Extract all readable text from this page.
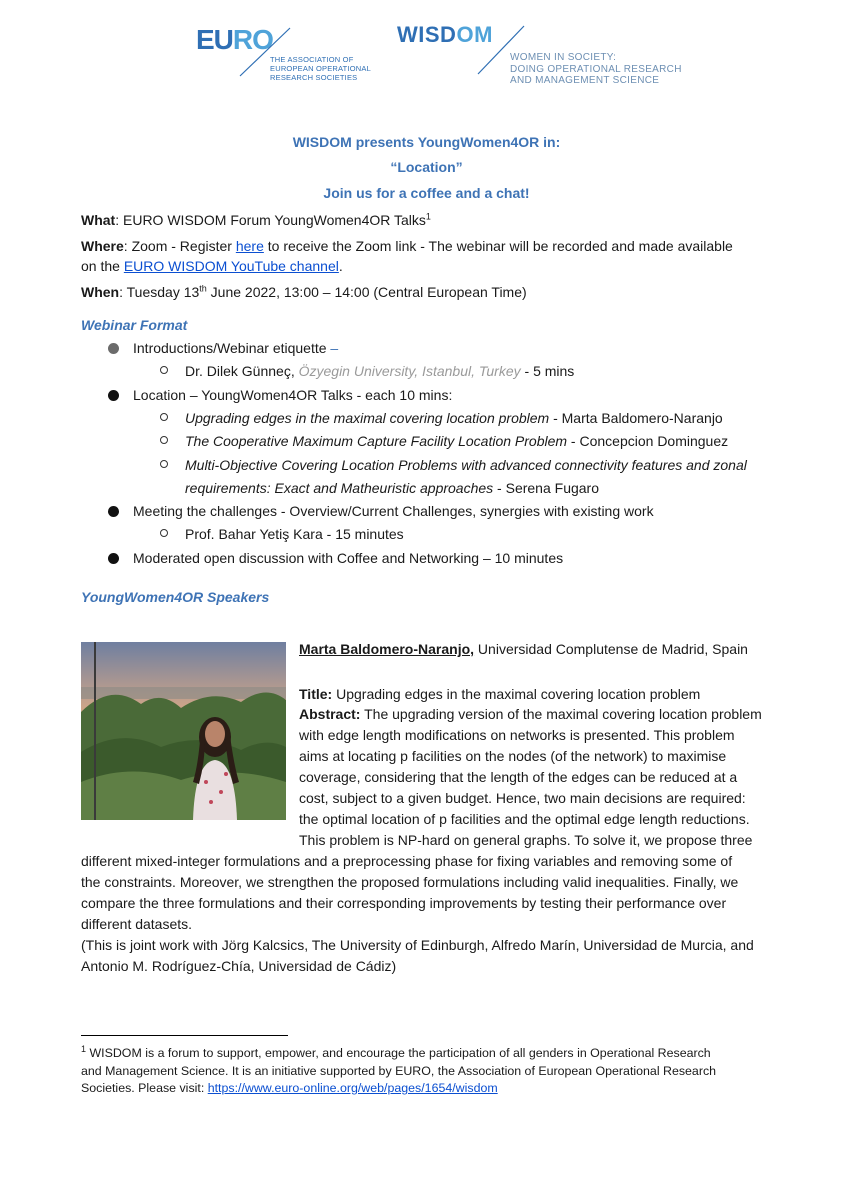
EURO
THE ASSOCIATION OF
EUROPEAN OPERATIONAL
RESEARCH SOCIETIES
WISDOM
WOMEN IN SOCIETY:
DOING OPERATIONAL RESEARCH
AND MANAGEMENT SCIENCE
WISDOM presents YoungWomen4OR in:
“Location”
Join us for a coffee and a chat!
What: EURO WISDOM Forum YoungWomen4OR Talks$^1$
Where: Zoom - Register here to receive the Zoom link - The webinar will be recorded and made available
on the EURO WISDOM YouTube channel.
When: Tuesday 13th June 2022, 13:00 – 14:00 (Central European Time)
Webinar Format
Introductions/Webinar etiquette –
Dr. Dilek Günneç, Özyegin University, Istanbul, Turkey - 5 mins
Location – YoungWomen4OR Talks - each 10 mins:
Upgrading edges in the maximal covering location problem - Marta Baldomero-Naranjo
The Cooperative Maximum Capture Facility Location Problem - Concepcion Dominguez
Multi-Objective Covering Location Problems with advanced connectivity features and zonal
requirements: Exact and Matheuristic approaches - Serena Fugaro
Meeting the challenges - Overview/Current Challenges, synergies with existing work
Prof. Bahar Yetiş Kara - 15 minutes
Moderated open discussion with Coffee and Networking – 10 minutes
YoungWomen4OR Speakers
Marta Baldomero-Naranjo, Universidad Complutense de Madrid, Spain
Title: Upgrading edges in the maximal covering location problem
Abstract: The upgrading version of the maximal covering location problem
with edge length modifications on networks is presented. This problem
aims at locating p facilities on the nodes (of the network) to maximise
coverage, considering that the length of the edges can be reduced at a
cost, subject to a given budget. Hence, two main decisions are required:
the optimal location of p facilities and the optimal edge length reductions.
This problem is NP-hard on general graphs. To solve it, we propose three
different mixed-integer formulations and a preprocessing phase for fixing variables and removing some of
the constraints. Moreover, we strengthen the proposed formulations including valid inequalities. Finally, we
compare the three formulations and their corresponding improvements by testing their performance over
different datasets.
(This is joint work with Jörg Kalcsics, The University of Edinburgh, Alfredo Marín, Universidad de Murcia, and
Antonio M. Rodríguez-Chía, Universidad de Cádiz)
$^1$ WISDOM is a forum to support, empower, and encourage the participation of all genders in Operational Research
and Management Science. It is an initiative supported by EURO, the Association of European Operational Research
Societies. Please visit: https://www.euro-online.org/web/pages/1654/wisdom
